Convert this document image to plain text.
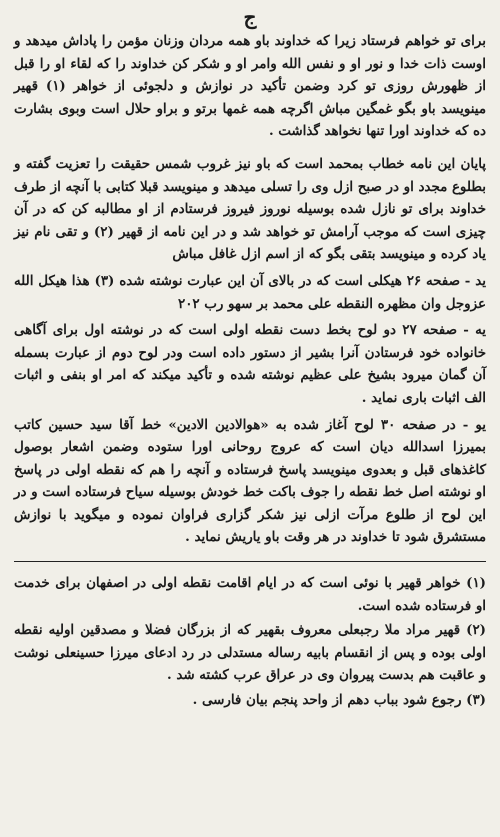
ج

برای تو خواهم فرستاد زیرا که خداوند باو همه مردان وزنان مؤمن را پاداش میدهد و اوست ذات خدا و نور او و نفس الله وامر او و شکر کن خداوند را که لقاء او را قبل از ظهورش روزی تو کرد وضمن تأکید در نوازش و دلجوئی از خواهر (۱) قهیر مینویسد باو بگو غمگین مباش اگرچه همه غمها برتو و براو حلال است وبوی بشارت ده که خداوند اورا تنها نخواهد گذاشت .

پایان این نامه خطاب بمحمد است که باو نیز غروب شمس حقیقت را تعزیت گفته و بطلوع مجدد او در صبح ازل وی را تسلی میدهد و مینویسد قبلا کتابی با آنچه از طرف خداوند برای تو نازل شده بوسیله نوروز فیروز فرستادم از او مطالبه کن که در آن چیزی است که موجب آرامش تو خواهد شد و در این نامه از قهیر (۲) و تقی نام نیز یاد کرده و مینویسد بتقی بگو که از اسم ازل غافل مباش

ید - صفحه ۲۶ هیکلی است که در بالای آن این عبارت نوشته شده (۳) هذا هیکل الله عزوجل وان مظهره النقطه علی محمد بر سهو رب ۲۰۲

یه - صفحه ۲۷ دو لوح بخط دست نقطه اولی است که در نوشته اول برای آگاهی خانواده خود فرستادن آنرا بشیر از دستور داده است ودر لوح دوم از عبارت بسمله آن گمان میرود بشیخ علی عظیم نوشته شده و تأکید میکند که امر او بنفی و اثبات الف اثبات باری نماید .

یو - در صفحه ۳۰ لوح آغاز شده به «هوالادین الادین» خط آقا سید حسین کاتب بمیرزا اسدالله دیان است که عروج روحانی اورا ستوده وضمن اشعار بوصول کاغذهای قبل و بعدوی مینویسد پاسخ فرستاده و آنچه را هم که نقطه اولی در پاسخ او نوشته اصل خط نقطه را جوف باکت خط خودش بوسیله سیاح فرستاده است و در این لوح از طلوع مرآت ازلی نیز شکر گزاری فراوان نموده و میگوید با نوازش مستشرق شود تا خداوند در هر وقت باو یاریش نماید .

(۱) خواهر قهیر با نوئی است که در ایام اقامت نقطه اولی در اصفهان برای خدمت او فرستاده شده است.

(۲) قهیر مراد ملا رجبعلی معروف بقهیر که از بزرگان فضلا و مصدقین اولیه نقطه اولی بوده و پس از انقسام بابیه رساله مستدلی در رد ادعای میرزا حسینعلی نوشت و عاقبت هم بدست پیروان وی در عراق عرب کشته شد .

(۳) رجوع شود بباب دهم از واحد پنجم بیان فارسی .
